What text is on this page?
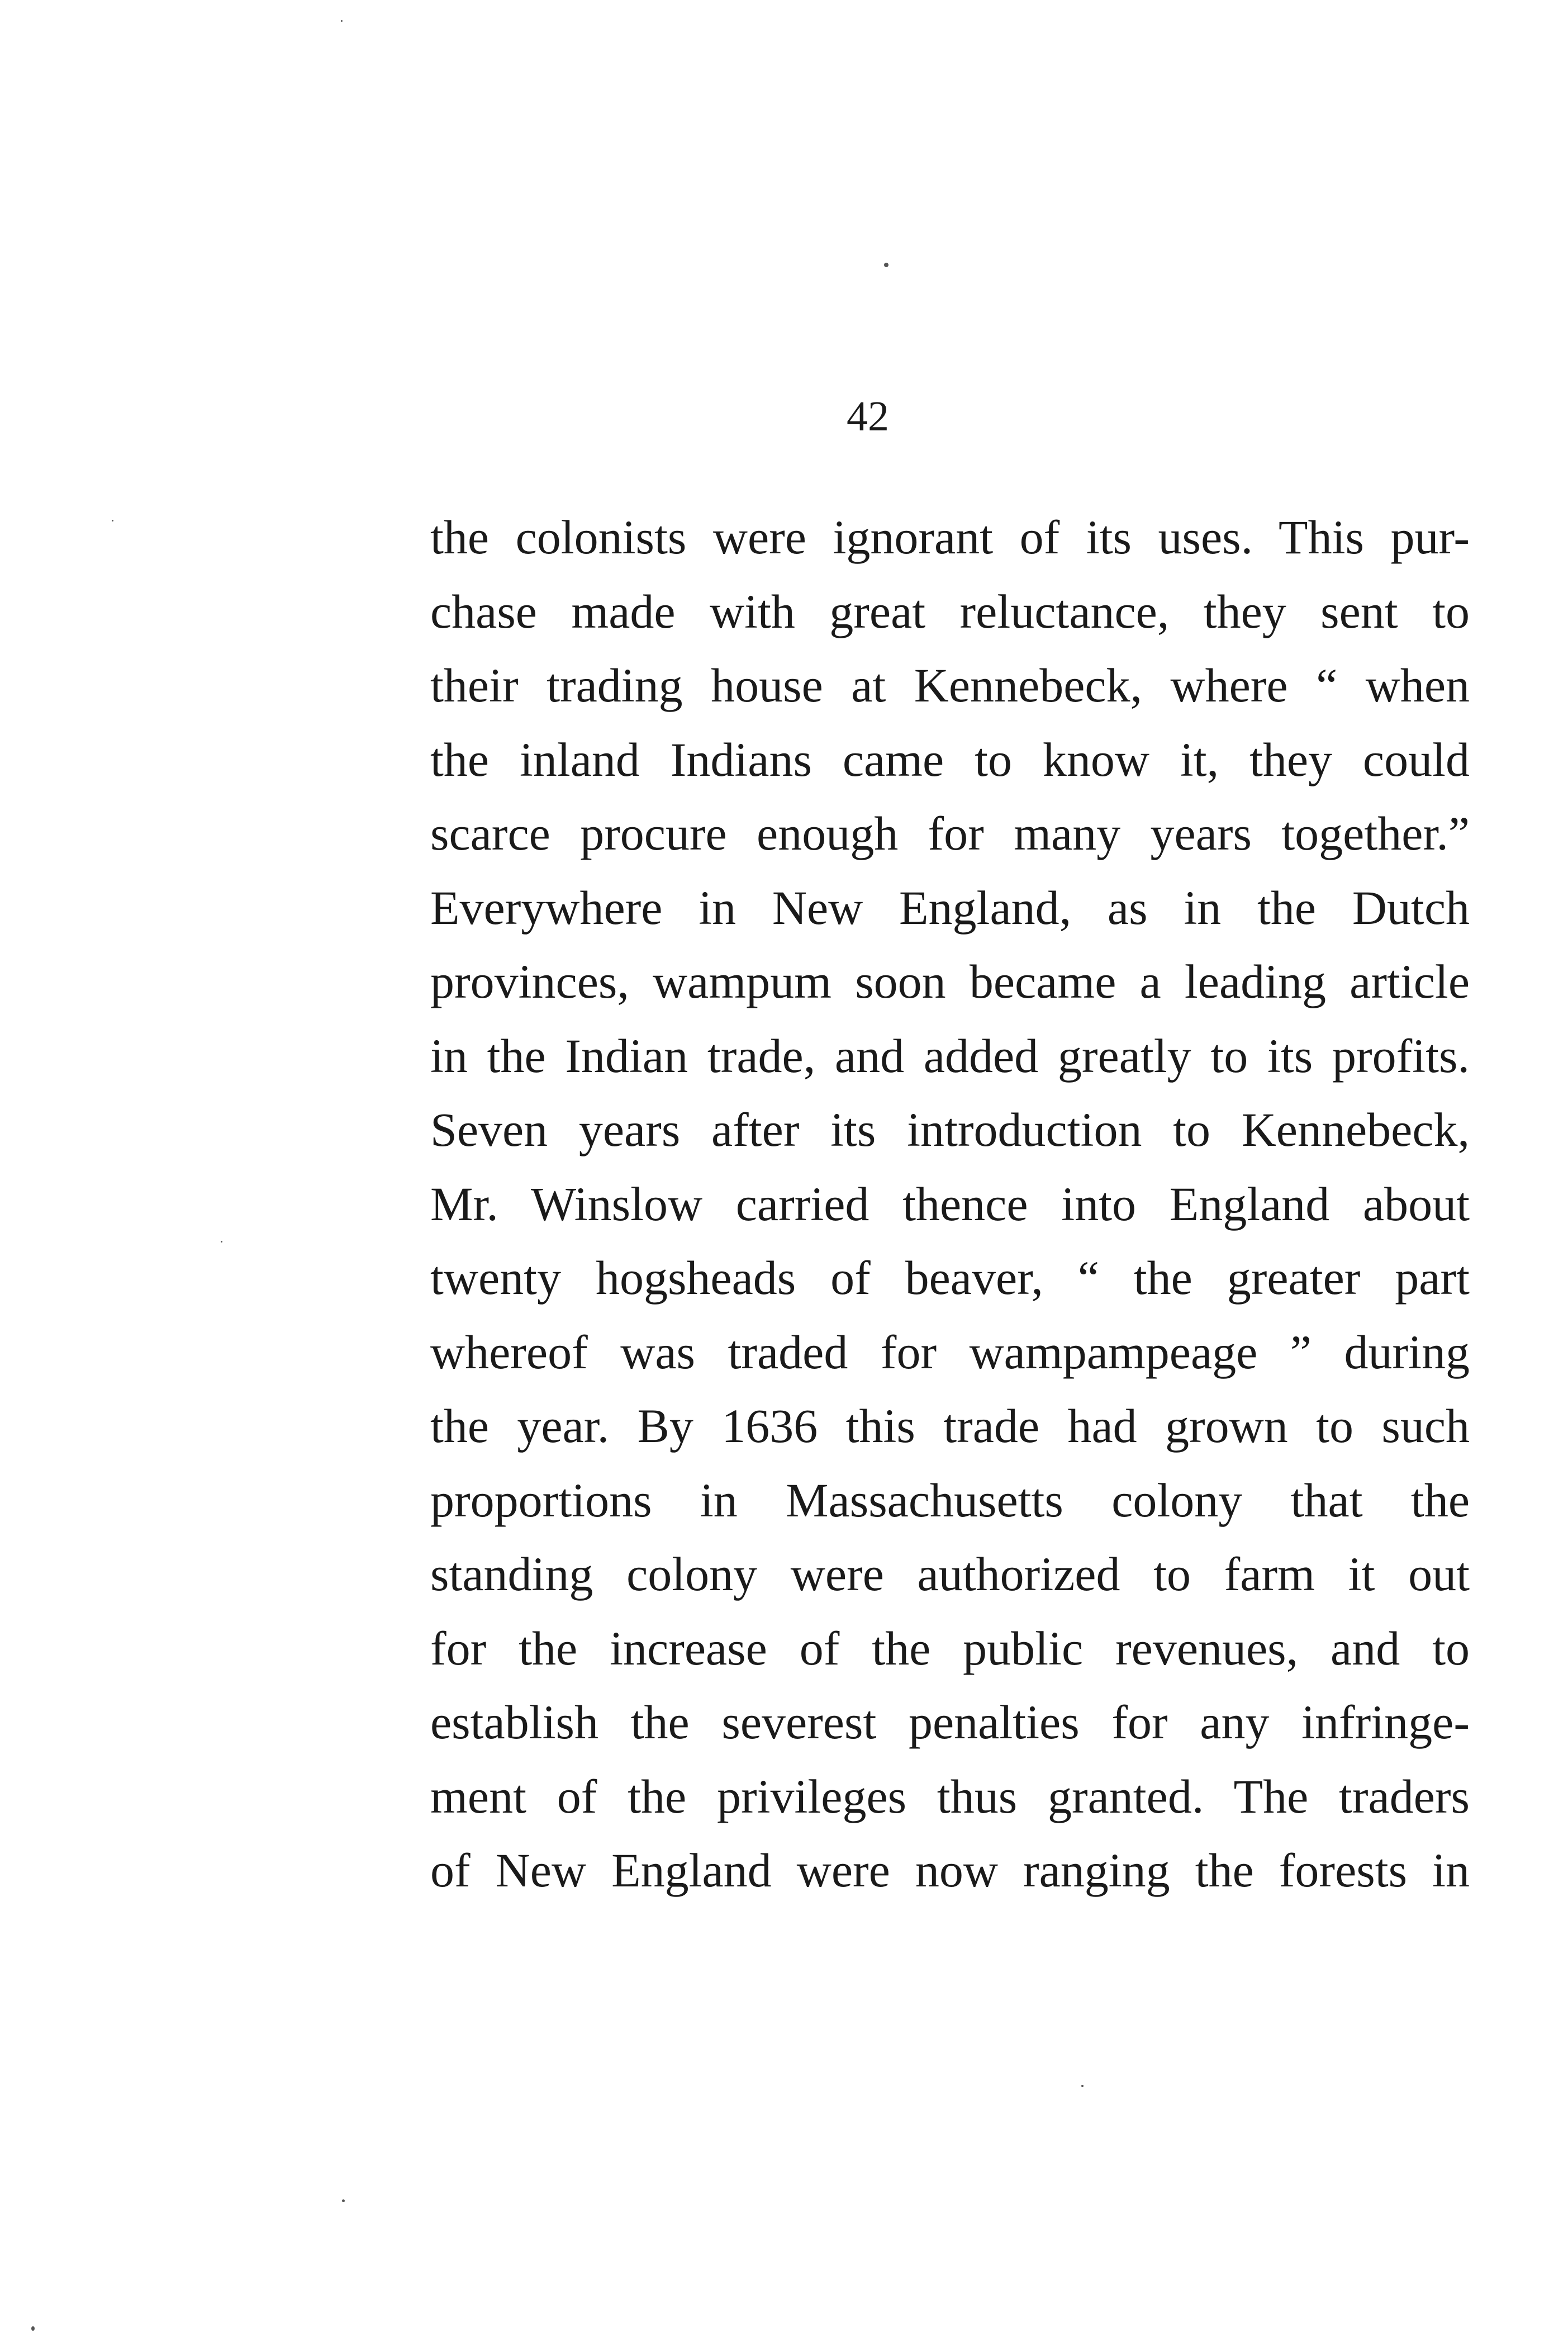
42
the colonists were ignorant of its uses. This pur-
chase made with great reluctance, they sent to
their trading house at Kennebeck, where “ when
the inland Indians came to know it, they could
scarce procure enough for many years together.”
Everywhere in New England, as in the Dutch
provinces, wampum soon became a leading article
in the Indian trade, and added greatly to its profits.
Seven years after its introduction to Kennebeck,
Mr. Winslow carried thence into England about
twenty hogsheads of beaver, “ the greater part
whereof was traded for wampampeage ” during
the year. By 1636 this trade had grown to such
proportions in Massachusetts colony that the
standing colony were authorized to farm it out
for the increase of the public revenues, and to
establish the severest penalties for any infringe-
ment of the privileges thus granted. The traders
of New England were now ranging the forests in
